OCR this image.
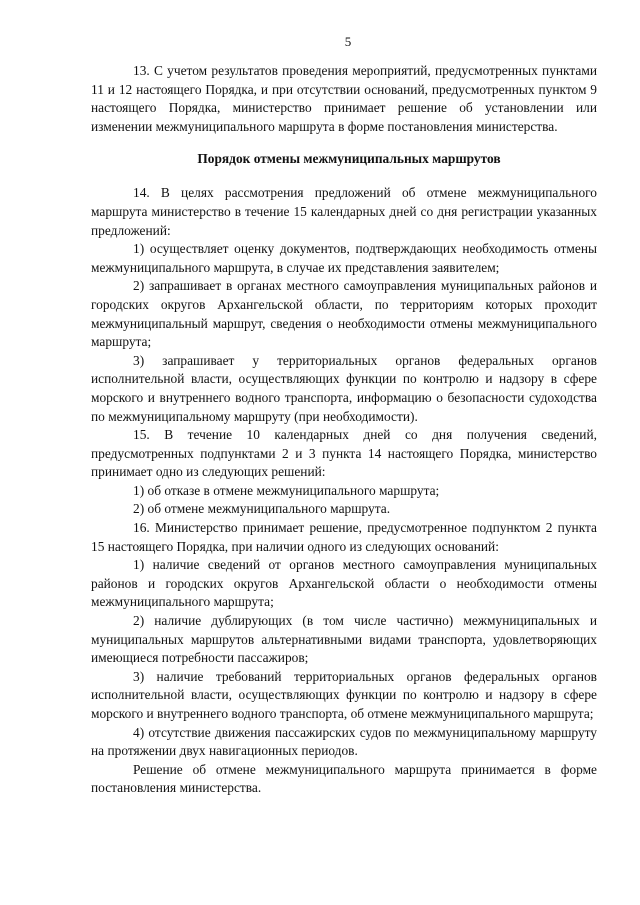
5

13. С учетом результатов проведения мероприятий, предусмотренных пунктами 11 и 12 настоящего Порядка, и при отсутствии оснований, предусмотренных пунктом 9 настоящего Порядка, министерство принимает решение об установлении или изменении межмуниципального маршрута в форме постановления министерства.

Порядок отмены межмуниципальных маршрутов

14. В целях рассмотрения предложений об отмене межмуниципального маршрута министерство в течение 15 календарных дней со дня регистрации указанных предложений:

1) осуществляет оценку документов, подтверждающих необходимость отмены межмуниципального маршрута, в случае их представления заявителем;

2) запрашивает в органах местного самоуправления муниципальных районов и городских округов Архангельской области, по территориям которых проходит межмуниципальный маршрут, сведения о необходимости отмены межмуниципального маршрута;

3) запрашивает у территориальных органов федеральных органов исполнительной власти, осуществляющих функции по контролю и надзору в сфере морского и внутреннего водного транспорта, информацию о безопасности судоходства по межмуниципальному маршруту (при необходимости).

15. В течение 10 календарных дней со дня получения сведений, предусмотренных подпунктами 2 и 3 пункта 14 настоящего Порядка, министерство принимает одно из следующих решений:

1) об отказе в отмене межмуниципального маршрута;

2) об отмене межмуниципального маршрута.

16. Министерство принимает решение, предусмотренное подпунктом 2 пункта 15 настоящего Порядка, при наличии одного из следующих оснований:

1) наличие сведений от органов местного самоуправления муниципальных районов и городских округов Архангельской области о необходимости отмены межмуниципального маршрута;

2) наличие дублирующих (в том числе частично) межмуниципальных и муниципальных маршрутов альтернативными видами транспорта, удовлетворяющих имеющиеся потребности пассажиров;

3) наличие требований территориальных органов федеральных органов исполнительной власти, осуществляющих функции по контролю и надзору в сфере морского и внутреннего водного транспорта, об отмене межмуниципального маршрута;

4) отсутствие движения пассажирских судов по межмуниципальному маршруту на протяжении двух навигационных периодов.

Решение об отмене межмуниципального маршрута принимается в форме постановления министерства.
